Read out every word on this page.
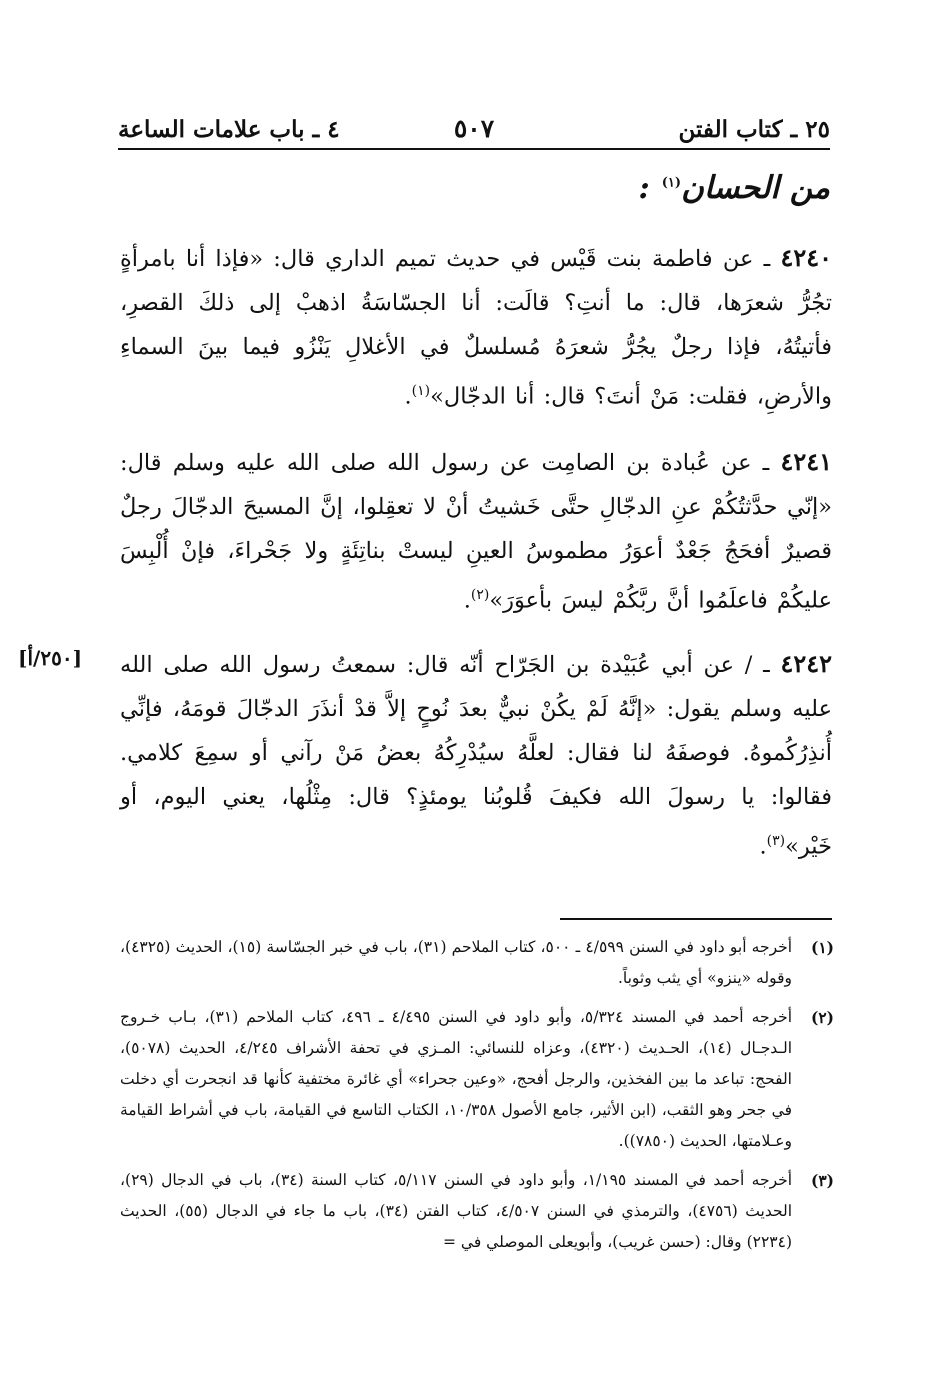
٢٥ ـ كتاب الفتن
٥٠٧
٤ ـ باب علامات الساعة
من الحسان$^{(١)}$:
٤٢٤٠ ـ عن فاطمة بنت قَيْس في حديث تميم الداري قال: «فإذا أنا بامرأةٍ تجُرُّ شعرَها، قال: ما أنتِ؟ قالَت: أنا الجسّاسَةُ اذهبْ إلى ذلكَ القصرِ، فأتيتُهُ، فإذا رجلٌ يجُرُّ شعرَهُ مُسلسلٌ في الأغلالِ يَنْزُو فيما بينَ السماءِ والأرضِ، فقلت: مَنْ أنتَ؟ قال: أنا الدجّال»$^{(١)}$.
٤٢٤١ ـ عن عُبادة بن الصامِت عن رسول الله صلى الله عليه وسلم قال: «إنّي حدَّثتُكُمْ عنِ الدجّالِ حتَّى خَشيتُ أنْ لا تعقِلوا، إنَّ المسيحَ الدجّالَ رجلٌ قصيرٌ أفحَجُ جَعْدٌ أعوَرُ مطموسُ العينِ ليستْ بناتِئَةٍ ولا جَحْراءَ، فإنْ أُلْبِسَ عليكُمْ فاعلَمُوا أنَّ ربَّكُمْ ليسَ بأعوَرَ»$^{(٢)}$.
[٢٥٠/أ]	٤٢٤٢ ـ / عن أبي عُبَيْدة بن الجَرّاح أنّه قال: سمعتُ رسول الله صلى الله عليه وسلم يقول: «إنَّهُ لَمْ يكُنْ نبيٌّ بعدَ نُوحٍ إلاَّ قدْ أنذَرَ الدجّالَ قومَهُ، فإنِّي أُنذِرُكُموهُ. فوصفَهُ لنا فقال: لعلَّهُ سيُدْرِكُهُ بعضُ مَنْ رآني أو سمِعَ كلامي. فقالوا: يا رسولَ الله فكيفَ قُلوبُنا يومئذٍ؟ قال: مِثْلُها، يعني اليوم، أو خَيْر»$^{(٣)}$.
(١)
أخرجه أبو داود في السنن ٤/٥٩٩ ـ ٥٠٠، كتاب الملاحم (٣١)، باب في خبر الجسّاسة (١٥)، الحديث (٤٣٢٥)، وقوله «ينزو» أي يثب وثوباً.
(٢)
أخرجه أحمد في المسند ٥/٣٢٤، وأبو داود في السنن ٤/٤٩٥ ـ ٤٩٦، كتاب الملاحم (٣١)، بـاب خـروج الـدجـال (١٤)، الحـديث (٤٣٢٠)، وعزاه للنسائي: المـزي في تحفة الأشراف ٤/٢٤٥، الحديث (٥٠٧٨)، الفحج: تباعد ما بين الفخذين، والرجل أفحج، «وعين جحراء» أي غائرة مختفية كأنها قد انجحرت أي دخلت في جحر وهو الثقب، (ابن الأثير، جامع الأصول ١٠/٣٥٨، الكتاب التاسع في القيامة، باب في أشراط القيامة وعـلامتها، الحديث (٧٨٥٠)).
(٣)
أخرجه أحمد في المسند ١/١٩٥، وأبو داود في السنن ٥/١١٧، كتاب السنة (٣٤)، باب في الدجال (٢٩)، الحديث (٤٧٥٦)، والترمذي في السنن ٤/٥٠٧، كتاب الفتن (٣٤)، باب ما جاء في الدجال (٥٥)، الحديث (٢٢٣٤) وقال: (حسن غريب)، وأبويعلى الموصلي في =
